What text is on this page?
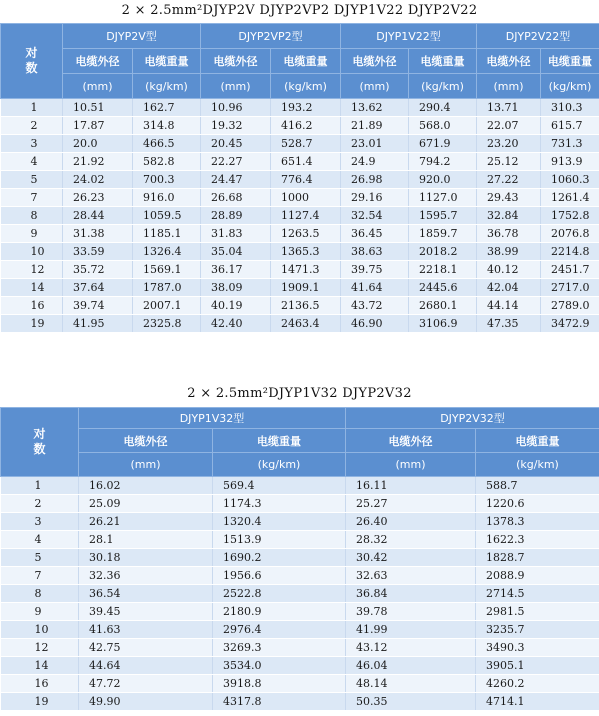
2 × 2.5mm²DJYP2V DJYP2VP2 DJYP1V22 DJYP2V22
对
数	DJYP2V型		DJYP2VP2型		DJYP1V22型		DJYP2V22型	
	电缆外径	电缆重量	电缆外径	电缆重量	电缆外径	电缆重量	电缆外径	电缆重量
	(mm)	(kg/km)	(mm)	(kg/km)	(mm)	(kg/km)	(mm)	(kg/km)
1	10.51	162.7	10.96	193.2	13.62	290.4	13.71	310.3
2	17.87	314.8	19.32	416.2	21.89	568.0	22.07	615.7
3	20.0	466.5	20.45	528.7	23.01	671.9	23.20	731.3
4	21.92	582.8	22.27	651.4	24.9	794.2	25.12	913.9
5	24.02	700.3	24.47	776.4	26.98	920.0	27.22	1060.3
7	26.23	916.0	26.68	1000	29.16	1127.0	29.43	1261.4
8	28.44	1059.5	28.89	1127.4	32.54	1595.7	32.84	1752.8
9	31.38	1185.1	31.83	1263.5	36.45	1859.7	36.78	2076.8
10	33.59	1326.4	35.04	1365.3	38.63	2018.2	38.99	2214.8
12	35.72	1569.1	36.17	1471.3	39.75	2218.1	40.12	2451.7
14	37.64	1787.0	38.09	1909.1	41.64	2445.6	42.04	2717.0
16	39.74	2007.1	40.19	2136.5	43.72	2680.1	44.14	2789.0
19	41.95	2325.8	42.40	2463.4	46.90	3106.9	47.35	3472.9
2 × 2.5mm²DJYP1V32 DJYP2V32
对
数	DJYP1V32型		DJYP2V32型	
	电缆外径	电缆重量	电缆外径	电缆重量
	(mm)	(kg/km)	(mm)	(kg/km)
1	16.02	569.4	16.11	588.7
2	25.09	1174.3	25.27	1220.6
3	26.21	1320.4	26.40	1378.3
4	28.1	1513.9	28.32	1622.3
5	30.18	1690.2	30.42	1828.7
7	32.36	1956.6	32.63	2088.9
8	36.54	2522.8	36.84	2714.5
9	39.45	2180.9	39.78	2981.5
10	41.63	2976.4	41.99	3235.7
12	42.75	3269.3	43.12	3490.3
14	44.64	3534.0	46.04	3905.1
16	47.72	3918.8	48.14	4260.2
19	49.90	4317.8	50.35	4714.1
